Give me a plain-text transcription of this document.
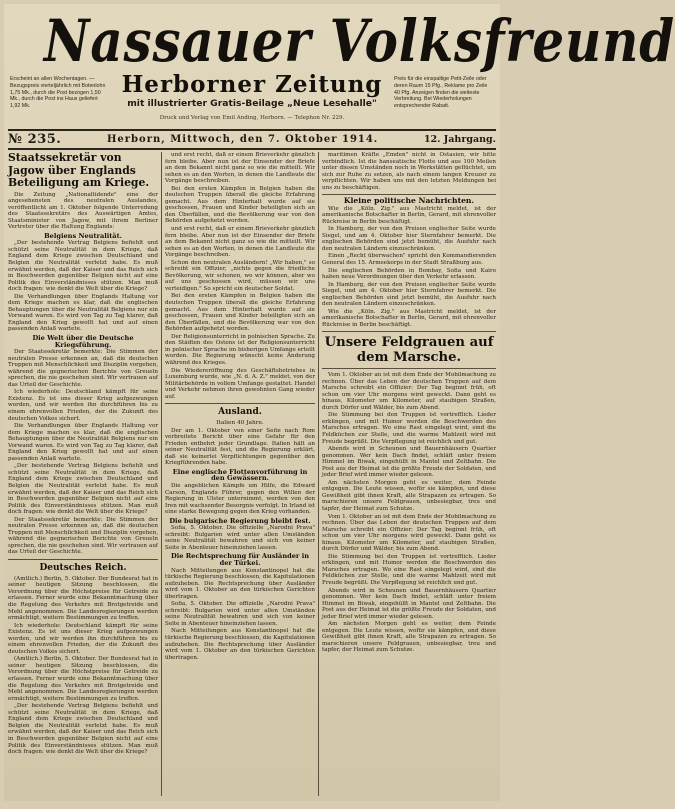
Nassauer Volksfreund
Erscheint an allen Wochentagen. — Bezugspreis vierteljährlich mit Botenlohn 1,75 Mk., durch die Post bezogen 1,50 Mk., durch die Post ins Haus geliefert 1,92 Mk.
Herborner Zeitung
mit illustrierter Gratis-Beilage „Neue Lesehalle"
Druck und Verlag von Emil Anding, Herborn. — Telephon Nr. 229.
Preis für die einspaltige Petit-Zeile oder deren Raum 15 Pfg., Reklame pro Zeile 40 Pfg. Anzeigen finden die weiteste Verbreitung. Bei Wiederholungen entsprechender Rabatt.
№ 235.	Herborn, Mittwoch, den 7. Oktober 1914.	12. Jahrgang.
Staatssekretär von Jagow über Englands Beteiligung am Kriege.

Die Zeitung „Nationaltidende" eine der angesehensten des neutralen Auslandes, veröffentlicht am 1. Oktober folgende Unterredung des Staatssekretärs des Auswärtigen Amtes, Staatsminister von Jagow, mit ihrem Berliner Vertreter über die Haltung Englands:

Belgiens Neutralität.

„Der bestehende Vertrag Belgiens befiehlt und schützt seine Neutralität in dem Kriege, daß England dem Kriege zwischen Deutschland und Belgien die Neutralität verletzt habe. Es muß erwähnt werden, daß der Kaiser und das Reich sich in Beschwerden gegenüber Belgien nicht auf eine Politik des Einverständnisses stützen. Man muß doch fragen: wie denkt die Welt über die Kriege?

Die Verhandlungen über Englands Haltung vor dem Kriege machen es klar, daß die englischen Behauptungen über die Neutralität Belgiens nur ein Vorwand waren. Es wird von Tag zu Tag klarer, daß England den Krieg gewollt hat und auf einen passenden Anlaß wartete.

Die Welt über die Deutsche Kriegsführung.

Der Staatssekretär bemerkte: Die Stimmen der neutralen Presse erkennen an, daß die deutschen Truppen mit Menschlichkeit und Disziplin vorgehen, während die gegnerischen Berichte von Greueln sprechen, die nie geschehen sind. Wir vertrauen auf das Urteil der Geschichte.

Ich wiederhole: Deutschland kämpft für seine Existenz. Es ist uns dieser Krieg aufgezwungen worden, und wir werden ihn durchführen bis zu einem ehrenvollen Frieden, der die Zukunft des deutschen Volkes sichert.

Die Verhandlungen über Englands Haltung vor dem Kriege machen es klar, daß die englischen Behauptungen über die Neutralität Belgiens nur ein Vorwand waren. Es wird von Tag zu Tag klarer, daß England den Krieg gewollt hat und auf einen passenden Anlaß wartete.

„Der bestehende Vertrag Belgiens befiehlt und schützt seine Neutralität in dem Kriege, daß England dem Kriege zwischen Deutschland und Belgien die Neutralität verletzt habe. Es muß erwähnt werden, daß der Kaiser und das Reich sich in Beschwerden gegenüber Belgien nicht auf eine Politik des Einverständnisses stützen. Man muß doch fragen: wie denkt die Welt über die Kriege?

Der Staatssekretär bemerkte: Die Stimmen der neutralen Presse erkennen an, daß die deutschen Truppen mit Menschlichkeit und Disziplin vorgehen, während die gegnerischen Berichte von Greueln sprechen, die nie geschehen sind. Wir vertrauen auf das Urteil der Geschichte.

Deutsches Reich.

(Amtlich.) Berlin, 5. Oktober. Der Bundesrat hat in seiner heutigen Sitzung beschlossen, die Verordnung über die Höchstpreise für Getreide zu erlassen. Ferner wurde eine Bekanntmachung über die Regelung des Verkehrs mit Brotgetreide und Mehl angenommen. Die Landesregierungen werden ermächtigt, weitere Bestimmungen zu treffen.

Ich wiederhole: Deutschland kämpft für seine Existenz. Es ist uns dieser Krieg aufgezwungen worden, und wir werden ihn durchführen bis zu einem ehrenvollen Frieden, der die Zukunft des deutschen Volkes sichert.

(Amtlich.) Berlin, 5. Oktober. Der Bundesrat hat in seiner heutigen Sitzung beschlossen, die Verordnung über die Höchstpreise für Getreide zu erlassen. Ferner wurde eine Bekanntmachung über die Regelung des Verkehrs mit Brotgetreide und Mehl angenommen. Die Landesregierungen werden ermächtigt, weitere Bestimmungen zu treffen.

„Der bestehende Vertrag Belgiens befiehlt und schützt seine Neutralität in dem Kriege, daß England dem Kriege zwischen Deutschland und Belgien die Neutralität verletzt habe. Es muß erwähnt werden, daß der Kaiser und das Reich sich in Beschwerden gegenüber Belgien nicht auf eine Politik des Einverständnisses stützen. Man muß doch fragen: wie denkt die Welt über die Kriege?

und erst recht, daß er einem Brieverkehr gänzlich fern bleibe. Aber nun ist der Einsender der Briefe an dem Bekannt nicht ganz so wie die mitteilt. Wir sehen es an den Worten, in denen die Landleute die Vorgänge beschreiben.

Bei den ersten Kämpfen in Belgien haben die deutschen Truppen überall die gleiche Erfahrung gemacht. Aus dem Hinterhalt wurde auf sie geschossen, Frauen und Kinder beteiligten sich an den Überfällen, und die Bevölkerung war von den Behörden aufgehetzt worden.

und erst recht, daß er einem Brieverkehr gänzlich fern bleibe. Aber nun ist der Einsender der Briefe an dem Bekannt nicht ganz so wie die mitteilt. Wir sehen es an den Worten, in denen die Landleute die Vorgänge beschreiben.

Schon den neutralen Ausländern! „Wir haben," so schreibt ein Offizier, „nichts gegen die friedliche Bevölkerung, wir schonen, wo wir können, aber wo auf uns geschossen wird, müssen wir uns verteidigen." So spricht ein deutscher Soldat.

Bei den ersten Kämpfen in Belgien haben die deutschen Truppen überall die gleiche Erfahrung gemacht. Aus dem Hinterhalt wurde auf sie geschossen, Frauen und Kinder beteiligten sich an den Überfällen, und die Bevölkerung war von den Behörden aufgehetzt worden.

Der Religionsunterricht in polnischen Sprache. Zu den Städten des Ostens ist der Religionsunterricht in polnischer Sprache im bisherigen Umfange erteilt worden. Die Regierung wünscht keine Änderung während des Krieges.

Die Wiedereröffnung des Geschäftsbetriebes in Luxemburg wurde, wie „N. d. A. Z." meldet, von der Militärbehörde in vollem Umfange gestattet. Handel und Verkehr nehmen ihren gewohnten Gang wieder auf.

Ausland.
Italien 40 Jahre.

Der am 1. Oktober von einer Seite nach Rom verbreitete Bericht über eine Gefahr für den Frieden entbehrt jeder Grundlage. Italien hält an seiner Neutralität fest, und die Regierung erklärt, daß sie keinerlei Verpflichtungen gegenüber den Kriegführenden habe.

Eine englische Flottenvorführung in den Gewässern.

Die angeblichen Kämpfe um Hilfe, die Edward Carson, Englands Führer, gegen den Willen der Regierung in Ulster unternimmt, werden von den Iren mit wachsender Besorgnis verfolgt. In Irland ist eine starke Bewegung gegen den Krieg vorhanden.

Die bulgarische Regierung bleibt fest.

Sofia, 5. Oktober. Die offizielle „Narodni Prava" schreibt: Bulgarien wird unter allen Umständen seine Neutralität bewahren und sich von keiner Seite in Abenteuer hineinziehen lassen.

Die Rechtsprechung für Ausländer in der Türkei.

Nach Mitteilungen aus Konstantinopel hat die türkische Regierung beschlossen, die Kapitulationen aufzuheben. Die Rechtsprechung über Ausländer wird vom 1. Oktober an den türkischen Gerichten übertragen.

Sofia, 5. Oktober. Die offizielle „Narodni Prava" schreibt: Bulgarien wird unter allen Umständen seine Neutralität bewahren und sich von keiner Seite in Abenteuer hineinziehen lassen.

Nach Mitteilungen aus Konstantinopel hat die türkische Regierung beschlossen, die Kapitulationen aufzuheben. Die Rechtsprechung über Ausländer wird vom 1. Oktober an den türkischen Gerichten übertragen.

maritimen Kräfte „Emden" nicht in Ostasien, wir bitte verbindlich. Ist die hanseatische Flotte und aus 100 Meilen unter diesen Umständen noch in Werkstätten geflüchtet, um sich zur Ruhe zu setzen, als nach einem langen Kreuzer zu verpflichten. Wir haben uns mit den letzten Meldungen bei uns zu beschäftigen.

Kleine politische Nachrichten.

Wie die „Köln. Zig." aus Mastricht meldet, ist der amerikanische Botschafter in Berlin, Gerard, mit ehrenvoller Rückreise in Berlin beschäftigt.

In Hamburg, der von den Preisen englischer Seite wurde Siegel, und am 4. Oktober hier Sternfahrer bemerkt. Die englischen Behörden sind jetzt bemüht, die Ausfuhr nach den neutralen Ländern einzuschränken.

Einen „Recht überwachen" spricht den Kommandierenden General des 15. Armeekorps in der Stadt Straßburg aus.

Die englischen Behörden in Bombay, Sofia und Kairo haben neue Verordnungen über den Verkehr erlassen.

In Hamburg, der von den Preisen englischer Seite wurde Siegel, und am 4. Oktober hier Sternfahrer bemerkt. Die englischen Behörden sind jetzt bemüht, die Ausfuhr nach den neutralen Ländern einzuschränken.

Wie die „Köln. Zig." aus Mastricht meldet, ist der amerikanische Botschafter in Berlin, Gerard, mit ehrenvoller Rückreise in Berlin beschäftigt.

Unsere Feldgrauen auf dem Marsche.

Vom 1. Oktober an ist mit dem Ende der Mobilmachung zu rechnen. Über das Leben der deutschen Truppen auf dem Marsche schreibt ein Offizier: Der Tag beginnt früh, oft schon um vier Uhr morgens wird geweckt. Dann geht es hinaus, Kilometer um Kilometer, auf staubigen Straßen, durch Dörfer und Wälder, bis zum Abend.

Die Stimmung bei den Truppen ist vortrefflich. Lieder erklingen, und mit Humor werden die Beschwerden des Marsches ertragen. Wo eine Rast eingelegt wird, sind die Feldküchen zur Stelle, und die warme Mahlzeit wird mit Freude begrüßt. Die Verpflegung ist reichlich und gut.

Abends wird in Scheunen und Bauernhäusern Quartier genommen. Wer kein Dach findet, schläft unter freiem Himmel im Biwak, eingehüllt in Mantel und Zeltbahn. Die Post aus der Heimat ist die größte Freude der Soldaten, und jeder Brief wird immer wieder gelesen.

Am nächsten Morgen geht es weiter, dem Feinde entgegen. Die Leute wissen, wofür sie kämpfen, und diese Gewißheit gibt ihnen Kraft, alle Strapazen zu ertragen. So marschieren unsere Feldgrauen, unbesiegbar, treu und tapfer, der Heimat zum Schutze.

Vom 1. Oktober an ist mit dem Ende der Mobilmachung zu rechnen. Über das Leben der deutschen Truppen auf dem Marsche schreibt ein Offizier: Der Tag beginnt früh, oft schon um vier Uhr morgens wird geweckt. Dann geht es hinaus, Kilometer um Kilometer, auf staubigen Straßen, durch Dörfer und Wälder, bis zum Abend.

Die Stimmung bei den Truppen ist vortrefflich. Lieder erklingen, und mit Humor werden die Beschwerden des Marsches ertragen. Wo eine Rast eingelegt wird, sind die Feldküchen zur Stelle, und die warme Mahlzeit wird mit Freude begrüßt. Die Verpflegung ist reichlich und gut.

Abends wird in Scheunen und Bauernhäusern Quartier genommen. Wer kein Dach findet, schläft unter freiem Himmel im Biwak, eingehüllt in Mantel und Zeltbahn. Die Post aus der Heimat ist die größte Freude der Soldaten, und jeder Brief wird immer wieder gelesen.

Am nächsten Morgen geht es weiter, dem Feinde entgegen. Die Leute wissen, wofür sie kämpfen, und diese Gewißheit gibt ihnen Kraft, alle Strapazen zu ertragen. So marschieren unsere Feldgrauen, unbesiegbar, treu und tapfer, der Heimat zum Schutze.
